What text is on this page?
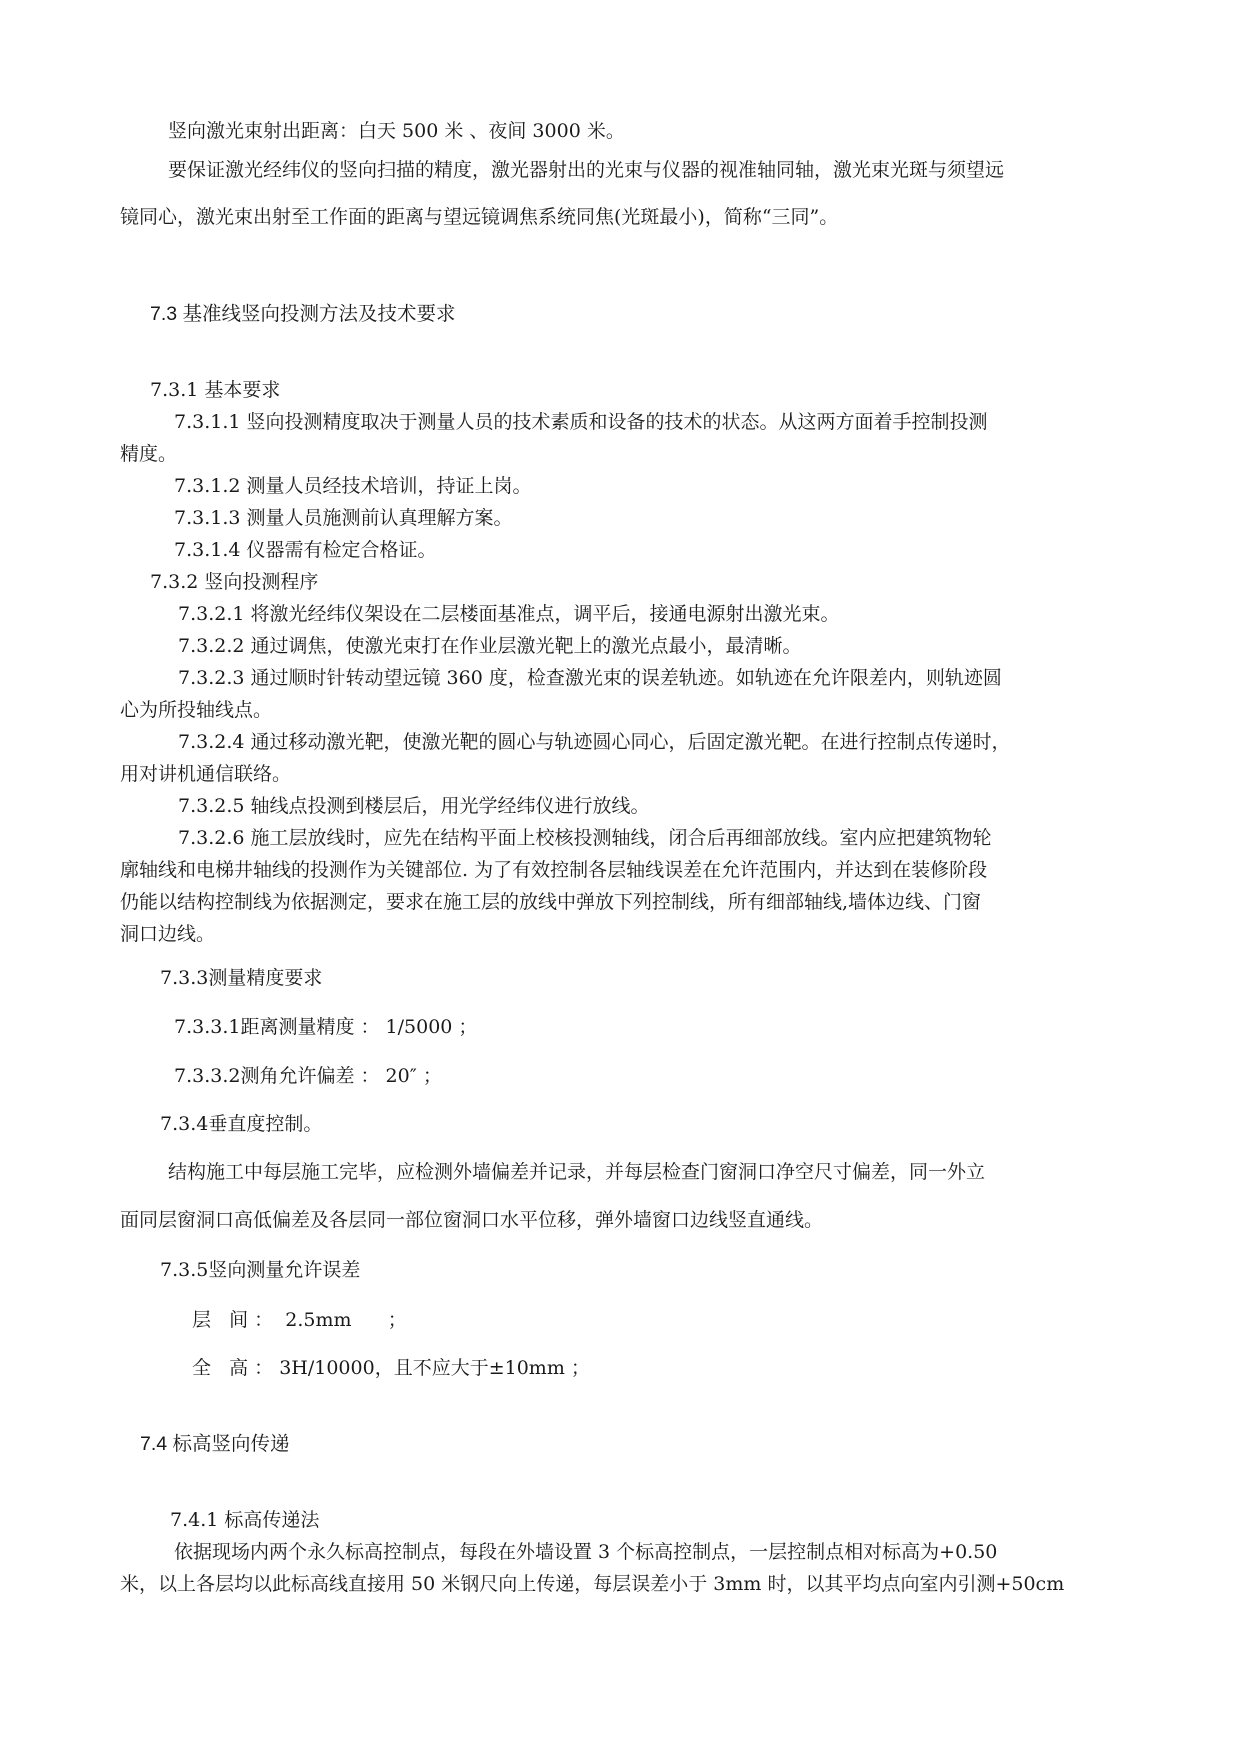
竖向激光束射出距离：白天 500 米 、夜间 3000 米。
要保证激光经纬仪的竖向扫描的精度，激光器射出的光束与仪器的视准轴同轴，激光束光斑与须望远
镜同心，激光束出射至工作面的距离与望远镜调焦系统同焦(光斑最小)，简称“三同”。
7.3 基准线竖向投测方法及技术要求
7.3.1 基本要求
7.3.1.1 竖向投测精度取决于测量人员的技术素质和设备的技术的状态。从这两方面着手控制投测
精度。
7.3.1.2 测量人员经技术培训，持证上岗。
7.3.1.3 测量人员施测前认真理解方案。
7.3.1.4 仪器需有检定合格证。
7.3.2 竖向投测程序
7.3.2.1 将激光经纬仪架设在二层楼面基准点，调平后，接通电源射出激光束。
7.3.2.2 通过调焦，使激光束打在作业层激光靶上的激光点最小，最清晰。
7.3.2.3 通过顺时针转动望远镜 360 度，检查激光束的误差轨迹。如轨迹在允许限差内，则轨迹圆
心为所投轴线点。
7.3.2.4 通过移动激光靶，使激光靶的圆心与轨迹圆心同心，后固定激光靶。在进行控制点传递时，
用对讲机通信联络。
7.3.2.5 轴线点投测到楼层后，用光学经纬仪进行放线。
7.3.2.6 施工层放线时，应先在结构平面上校核投测轴线，闭合后再细部放线。室内应把建筑物轮
廓轴线和电梯井轴线的投测作为关键部位. 为了有效控制各层轴线误差在允许范围内，并达到在装修阶段
仍能以结构控制线为依据测定，要求在施工层的放线中弹放下列控制线，所有细部轴线,墙体边线、门窗
洞口边线。
7.3.3测量精度要求
7.3.3.1距离测量精度 ： 1/5000 ；
7.3.3.2测角允许偏差 ： 20″ ；
7.3.4垂直度控制。
结构施工中每层施工完毕，应检测外墙偏差并记录，并每层检查门窗洞口净空尺寸偏差，同一外立
面同层窗洞口高低偏差及各层同一部位窗洞口水平位移，弹外墙窗口边线竖直通线。
7.3.5竖向测量允许误差
层   间 ：  2.5mm      ；
全   高 ： 3H/10000，且不应大于±10mm ；
7.4 标高竖向传递
7.4.1 标高传递法
依据现场内两个永久标高控制点，每段在外墙设置 3 个标高控制点，一层控制点相对标高为+0.50
米，以上各层均以此标高线直接用 50 米钢尺向上传递，每层误差小于 3mm 时，以其平均点向室内引测+50cm
